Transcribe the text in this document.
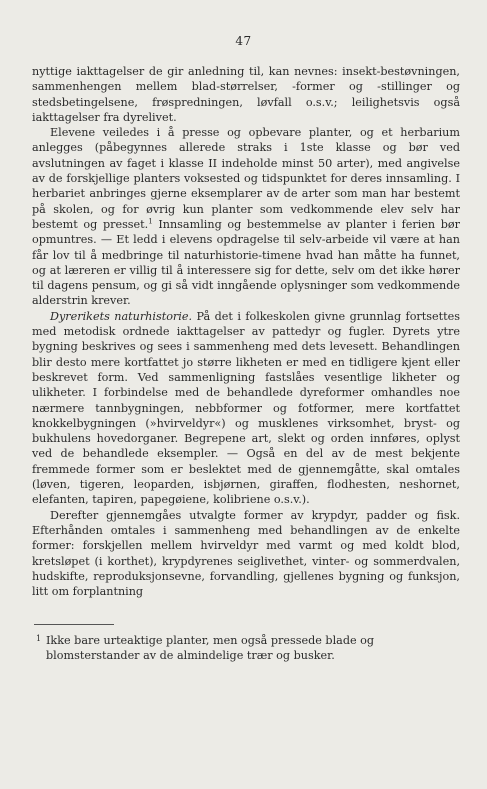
47

nyttige iakttagelser de gir anledning til, kan nevnes: insekt-bestøvningen, sammenhengen mellem blad-størrelser, -former og -stillinger og stedsbetingelsene, frøspredningen, løvfall o.s.v.; leilighetsvis også iakttagelser fra dyrelivet.

Elevene veiledes i å presse og opbevare planter, og et herbarium anlegges (påbegynnes allerede straks i 1ste klasse og bør ved avslutningen av faget i klasse II indeholde minst 50 arter), med angivelse av de forskjellige planters voksested og tidspunktet for deres innsamling. I herbariet anbringes gjerne eksemplarer av de arter som man har bestemt på skolen, og for øvrig kun planter som vedkommende elev selv har bestemt og presset.$^1$ Innsamling og bestemmelse av planter i ferien bør opmuntres. — Et ledd i elevens opdragelse til selv-arbeide vil være at han får lov til å medbringe til naturhistorie-timene hvad han måtte ha funnet, og at læreren er villig til å interessere sig for dette, selv om det ikke hører til dagens pensum, og gi så vidt inngående oplysninger som vedkommende alderstrin krever.

Dyrerikets naturhistorie. På det i folkeskolen givne grunnlag fortsettes med metodisk ordnede iakttagelser av pattedyr og fugler. Dyrets ytre bygning beskrives og sees i sammenheng med dets levesett. Behandlingen blir desto mere kortfattet jo større likheten er med en tidligere kjent eller beskrevet form. Ved sammenligning fastslåes vesentlige likheter og ulikheter. I forbindelse med de behandlede dyreformer omhandles noe nærmere tannbygningen, nebbformer og fotformer, mere kortfattet knokkelbygningen (»hvirveldyr«) og musklenes virksomhet, bryst- og bukhulens hovedorganer. Begrepene art, slekt og orden innføres, oplyst ved de behandlede eksempler. — Også en del av de mest bekjente fremmede former som er beslektet med de gjennemgåtte, skal omtales (løven, tigeren, leoparden, isbjørnen, giraffen, flodhesten, neshornet, elefanten, tapiren, papegøiene, kolibriene o.s.v.).

Derefter gjennemgåes utvalgte former av krypdyr, padder og fisk. Efterhånden omtales i sammenheng med behandlingen av de enkelte former: forskjellen mellem hvirveldyr med varmt og med koldt blod, kretsløpet (i korthet), krypdyrenes seiglivethet, vinter- og sommerdvalen, hudskifte, reproduksjonsevne, forvandling, gjellenes bygning og funksjon, litt om forplantning

1 Ikke bare urteaktige planter, men også pressede blade og blomsterstander av de almindelige trær og busker.
